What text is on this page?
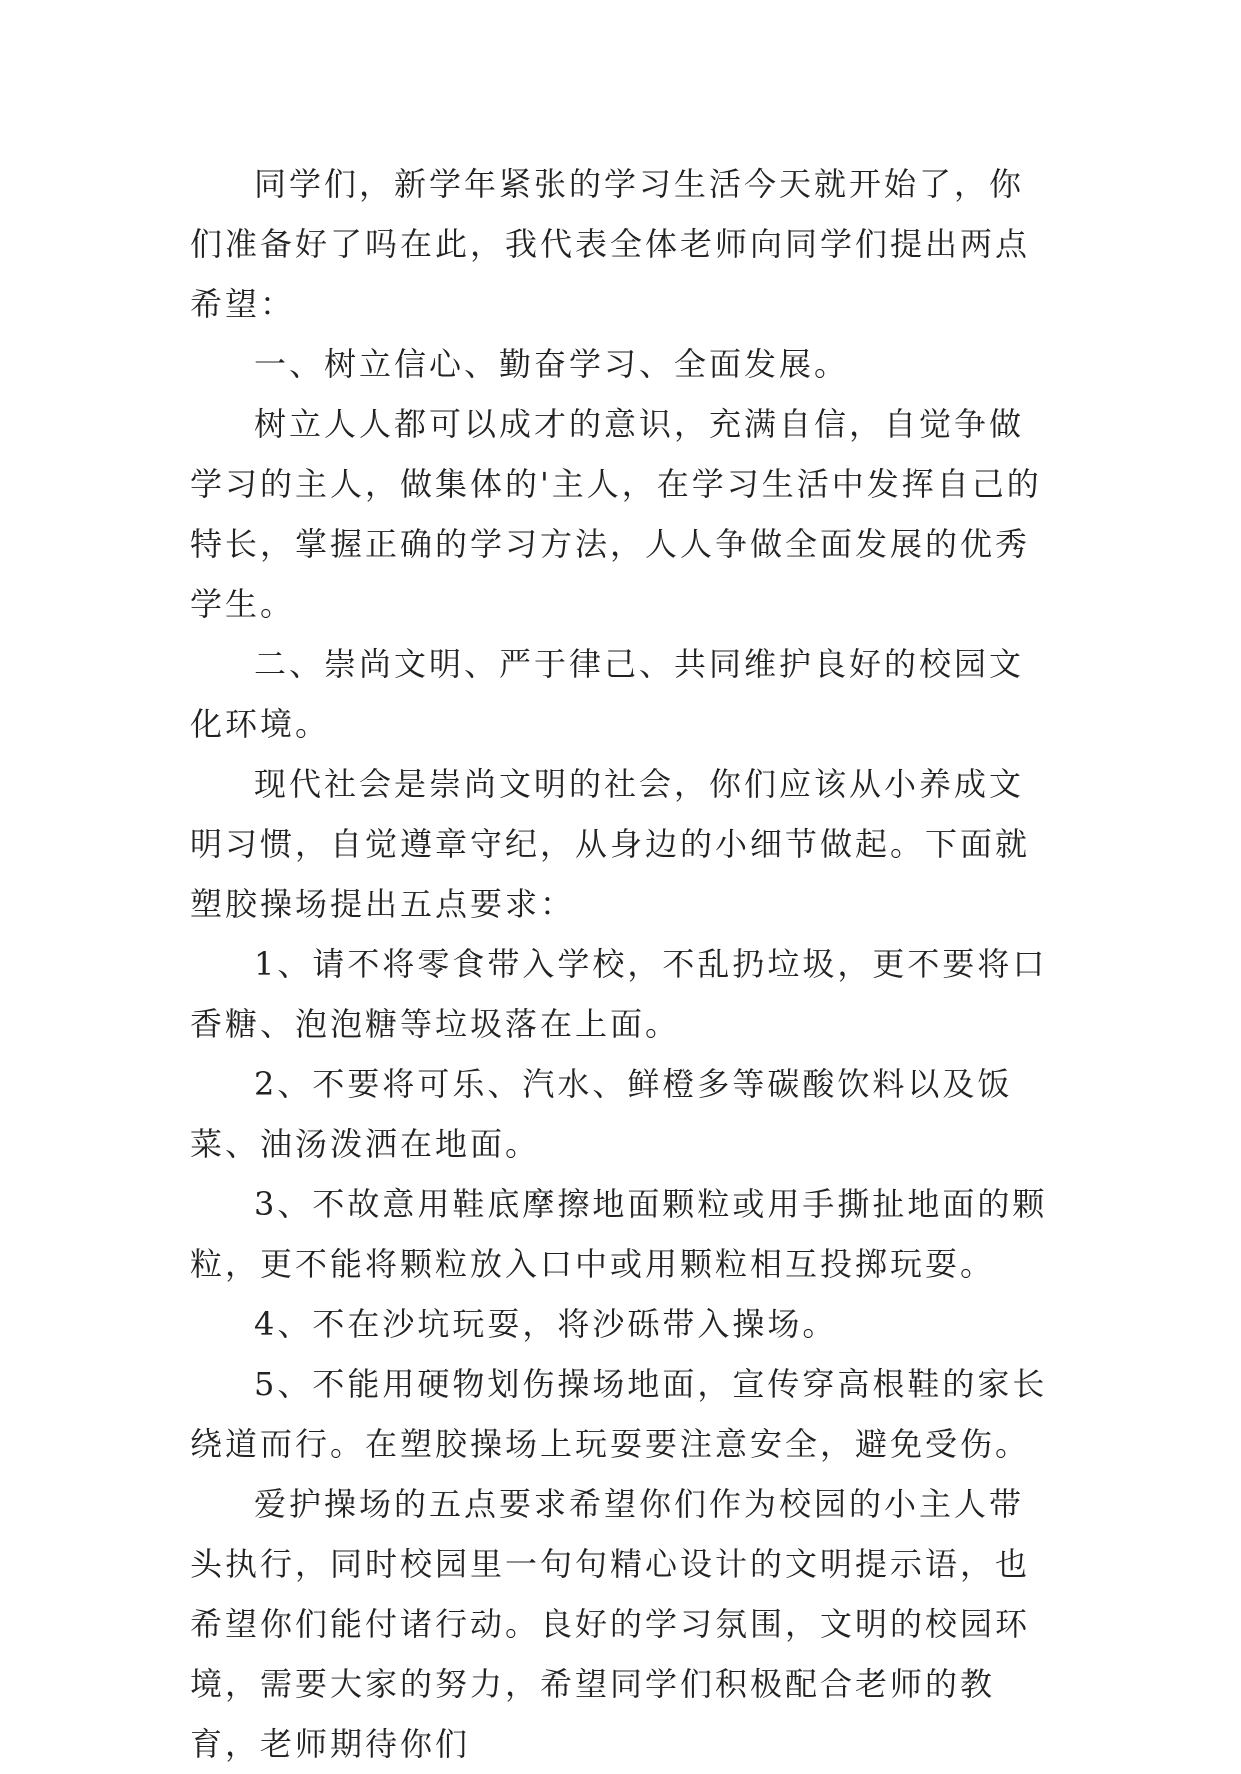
同学们，新学年紧张的学习生活今天就开始了，你们准备好了吗在此，我代表全体老师向同学们提出两点希望：

一、树立信心、勤奋学习、全面发展。

树立人人都可以成才的意识，充满自信，自觉争做学习的主人，做集体的'主人，在学习生活中发挥自己的特长，掌握正确的学习方法，人人争做全面发展的优秀学生。

二、崇尚文明、严于律己、共同维护良好的校园文化环境。

现代社会是崇尚文明的社会，你们应该从小养成文明习惯，自觉遵章守纪，从身边的小细节做起。下面就塑胶操场提出五点要求：

1、请不将零食带入学校，不乱扔垃圾，更不要将口香糖、泡泡糖等垃圾落在上面。

2、不要将可乐、汽水、鲜橙多等碳酸饮料以及饭菜、油汤泼洒在地面。

3、不故意用鞋底摩擦地面颗粒或用手撕扯地面的颗粒，更不能将颗粒放入口中或用颗粒相互投掷玩耍。

4、不在沙坑玩耍，将沙砾带入操场。

5、不能用硬物划伤操场地面，宣传穿高根鞋的家长绕道而行。在塑胶操场上玩耍要注意安全，避免受伤。

爱护操场的五点要求希望你们作为校园的小主人带头执行，同时校园里一句句精心设计的文明提示语，也希望你们能付诸行动。良好的学习氛围，文明的校园环境，需要大家的努力，希望同学们积极配合老师的教育，老师期待你们
